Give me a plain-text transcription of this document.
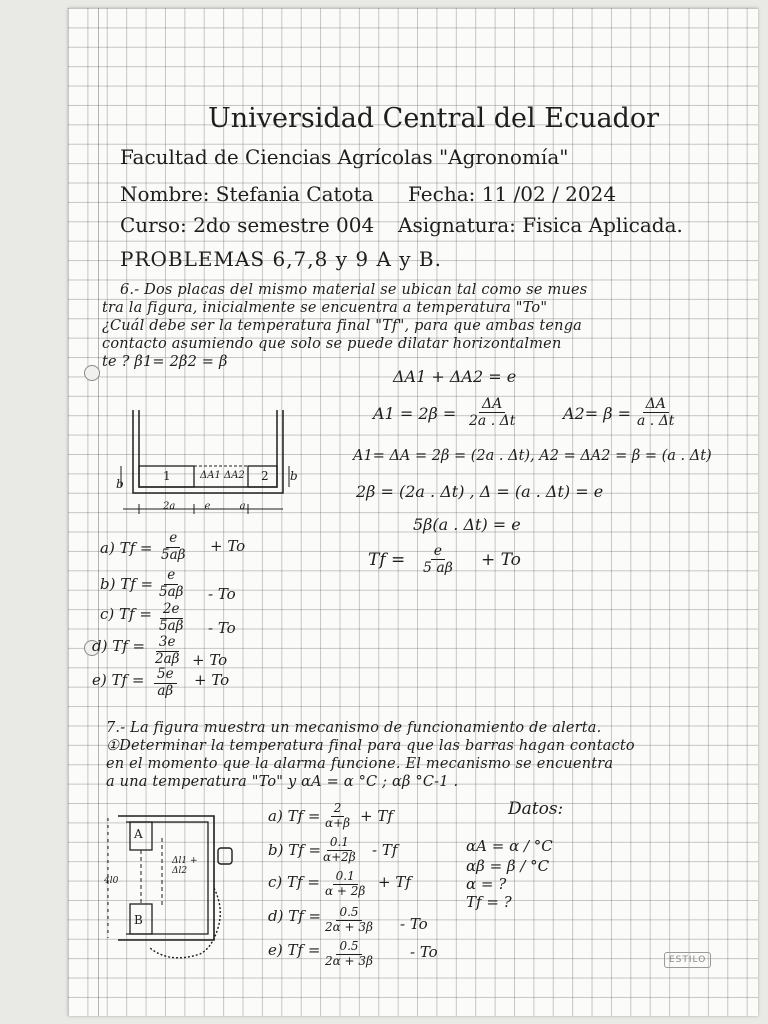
Universidad Central del Ecuador
Facultad de Ciencias Agrícolas "Agronomía"
Nombre: Stefania Catota Fecha: 11 /02 / 2024
Curso: 2do semestre 004 Asignatura: Fisica Aplicada.
PROBLEMAS 6,7,8 y 9 A y B.
6.- Dos placas del mismo material se ubican tal como se mues
tra la figura, inicialmente se encuentra a temperatura "To"
¿Cuál debe ser la temperatura final "Tf", para que ambas tenga
contacto asumiendo que solo se puede dilatar horizontalmen
te ? β1= 2β2 = β
ΔA1 + ΔA2 = e
$A1 = 2\beta = \frac{\Delta A}{2a . \Delta t}$	$A2= \beta = \frac{\Delta A}{a . \Delta t}$
A1= ΔA = 2β = (2a . Δt), A2 = ΔA2 = β = (a . Δt)
2β = (2a . Δt) , Δ = (a . Δt) = e
5β(a . Δt) = e
$Tf = \frac{e}{5 a\beta} + To$
b
b
1	2
ΔA1 ΔA2
2a e a
a) $Tf = \frac{e}{5a\beta} + To$
b) $Tf = \frac{e}{5a\beta} - To$
c) $Tf = \frac{2e}{5a\beta} - To$
d) $Tf = \frac{3e}{2a\beta} + To$
e) $Tf = \frac{5e}{a\beta} + To$
7.- La figura muestra un mecanismo de funcionamiento de alerta.
①Determinar la temperatura final para que las barras hagan contacto
en el momento que la alarma funcione. El mecanismo se encuentra
a una temperatura "To" y αA = α °C ; αβ °C-1 .
A
B
Δl1 + Δl2
4l0
a) $Tf = \frac{2}{\alpha+\beta} + Tf$
b) Tf =
$\frac{0.1}{\alpha+2\beta}$ - Tf
c) $Tf = \frac{0.1}{\alpha + 2\beta} + Tf$
d) $Tf = \frac{0.5}{2\alpha + 3\beta} - To$
e) $Tf = \frac{0.5}{2\alpha + 3\beta} - To$
Datos:
αA = α / °C
αβ = β / °C
α = ?
Tf = ?
ESTILO
